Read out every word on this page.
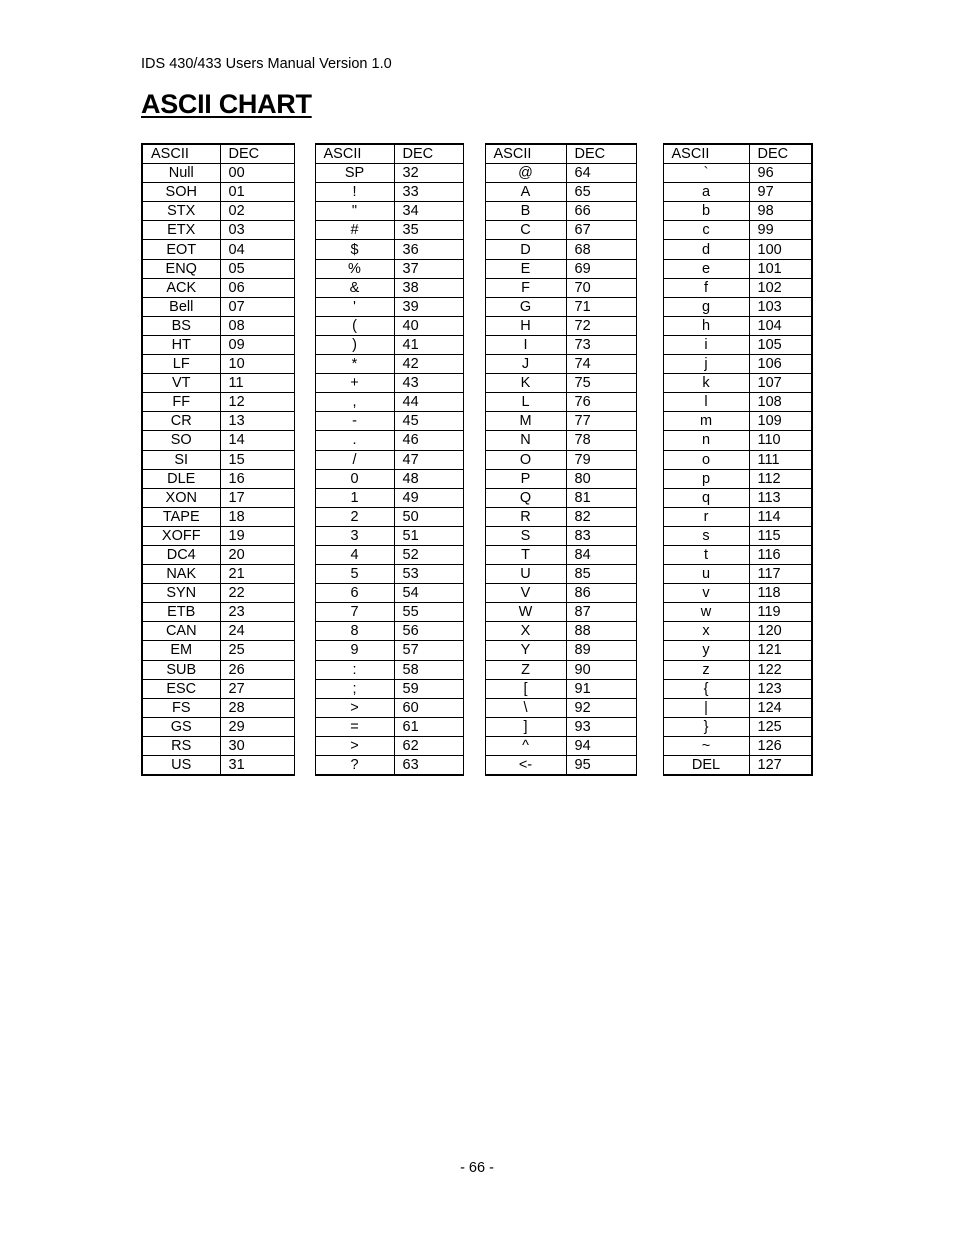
IDS 430/433 Users Manual Version 1.0
ASCII CHART
ASCII	DEC		ASCII	DEC		ASCII	DEC		ASCII	DEC
Null	00		SP	32		@	64		`	96
SOH	01		!	33		A	65		a	97
STX	02		"	34		B	66		b	98
ETX	03		#	35		C	67		c	99
EOT	04		$	36		D	68		d	100
ENQ	05		%	37		E	69		e	101
ACK	06		&	38		F	70		f	102
Bell	07		'	39		G	71		g	103
BS	08		(	40		H	72		h	104
HT	09		)	41		I	73		i	105
LF	10		*	42		J	74		j	106
VT	11		+	43		K	75		k	107
FF	12		,	44		L	76		l	108
CR	13		-	45		M	77		m	109
SO	14		.	46		N	78		n	110
SI	15		/	47		O	79		o	111
DLE	16		0	48		P	80		p	112
XON	17		1	49		Q	81		q	113
TAPE	18		2	50		R	82		r	114
XOFF	19		3	51		S	83		s	115
DC4	20		4	52		T	84		t	116
NAK	21		5	53		U	85		u	117
SYN	22		6	54		V	86		v	118
ETB	23		7	55		W	87		w	119
CAN	24		8	56		X	88		x	120
EM	25		9	57		Y	89		y	121
SUB	26		:	58		Z	90		z	122
ESC	27		;	59		[	91		{	123
FS	28		>	60		\	92		|	124
GS	29		=	61		]	93		}	125
RS	30		>	62		^	94		~	126
US	31		?	63		<-	95		DEL	127
- 66 -
